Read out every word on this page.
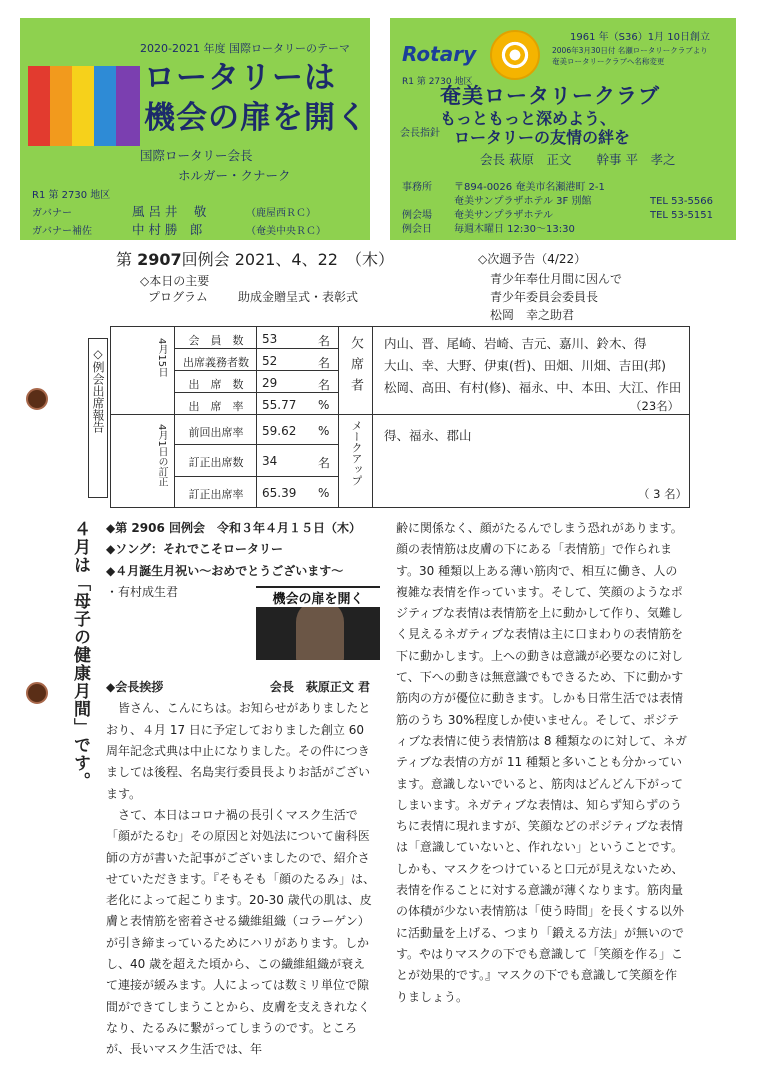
2020-2021 年度 国際ロータリーのテーマ
ロータリーは
機会の扉を開く
国際ロータリー会長
ホルガー・クナーク
R1 第 2730 地区
ガバナー	風 呂 井　 敬	（鹿屋西ＲＣ）
ガバナー補佐	中 村 勝　郎	（奄美中央ＲＣ）
Rotary
R1 第 2730 地区
1961 年（S36）1月 10日創立
2006年3月30日付 名瀬ロータリークラブより
奄美ロータリークラブへ名称変更
奄美ロータリークラブ
会長指針
もっともっと深めよう、
ロータリーの友情の絆を
会長 萩原　正文　　幹事 平　孝之
事務所 〒894-0026 奄美市名瀬港町 2-1
奄美サンプラザホテル 3F 別館	TEL 53-5566
例会場 奄美サンプラザホテル	TEL 53-5151
例会日 毎週木曜日 12:30～13:30
第 2907回例会 2021、4、22　（木）
◇本日の主要
プログラム	助成金贈呈式・表彰式
◇次週予告（4/22）
青少年奉仕月間に因んで
青少年委員会委員長
松岡　幸之助君
◇例会出席報告	4月15日
4月1日の訂正
会　員　数	53	名
出席義務者数	52	名
出　席　数	29	名
出　席　率	55.77 %
前回出席率	59.62 %
訂正出席数	34	名
訂正出席率	65.39 %
欠席者
メークアップ
内山、晋、尾崎、岩崎、吉元、嘉川、鈴木、得
大山、幸、大野、伊東(哲)、田畑、川畑、吉田(邦)
松岡、高田、有村(修)、福永、中、本田、大江、作田
（23名）
得、福永、郡山
（ 3 名）
４月は「母子の健康月間」です。 ◆第 2906 回例会　令和３年４月１５日（木）
◆ソング：それでこそロータリー
◆４月誕生月祝い～おめでとうございます～
・有村成生君
◆会長挨拶	会長　萩原正文 君

皆さん、こんにちは。お知らせがありましたとおり、４月 17 日に予定しておりました創立 60 周年記念式典は中止になりました。その件につきましては後程、名島実行委員長よりお話がございます。

さて、本日はコロナ禍の長引くマスク生活で「顔がたるむ」その原因と対処法について歯科医師の方が書いた記事がございましたので、紹介させていただきます。『そもそも「顔のたるみ」は、老化によって起こります。20-30 歳代の肌は、皮膚と表情筋を密着させる繊維組織（コラーゲン）が引き締まっているためにハリがあります。しかし、40 歳を超えた頃から、この繊維組織が衰えて連接が緩みます。人によっては数ミリ単位で隙間ができてしまうことから、皮膚を支えきれなくなり、たるみに繋がってしまうのです。ところが、長いマスク生活では、年

機会の扉を開く

齢に関係なく、顔がたるんでしまう恐れがあります。顔の表情筋は皮膚の下にある「表情筋」で作られます。30 種類以上ある薄い筋肉で、相互に働き、人の複雑な表情を作っています。そして、笑顔のようなポジティブな表情は表情筋を上に動かして作り、気難しく見えるネガティブな表情は主に口まわりの表情筋を下に動かします。上への動きは意識が必要なのに対して、下への動きは無意識でもできるため、下に動かす筋肉の方が優位に動きます。しかも日常生活では表情筋のうち 30%程度しか使いません。そして、ポジティブな表情に使う表情筋は 8 種類なのに対して、ネガティブな表情の方が 11 種類と多いことも分かっています。意識しないでいると、筋肉はどんどん下がってしまいます。ネガティブな表情は、知らず知らずのうちに表情に現れますが、笑顔などのポジティブな表情は「意識していないと、作れない」ということです。しかも、マスクをつけていると口元が見えないため、表情を作ることに対する意識が薄くなります。筋肉量の体積が少ない表情筋は「使う時間」を長くする以外に活動量を上げる、つまり「鍛える方法」が無いのです。やはりマスクの下でも意識して「笑顔を作る」ことが効果的です。』マスクの下でも意識して笑顔を作りましょう。
